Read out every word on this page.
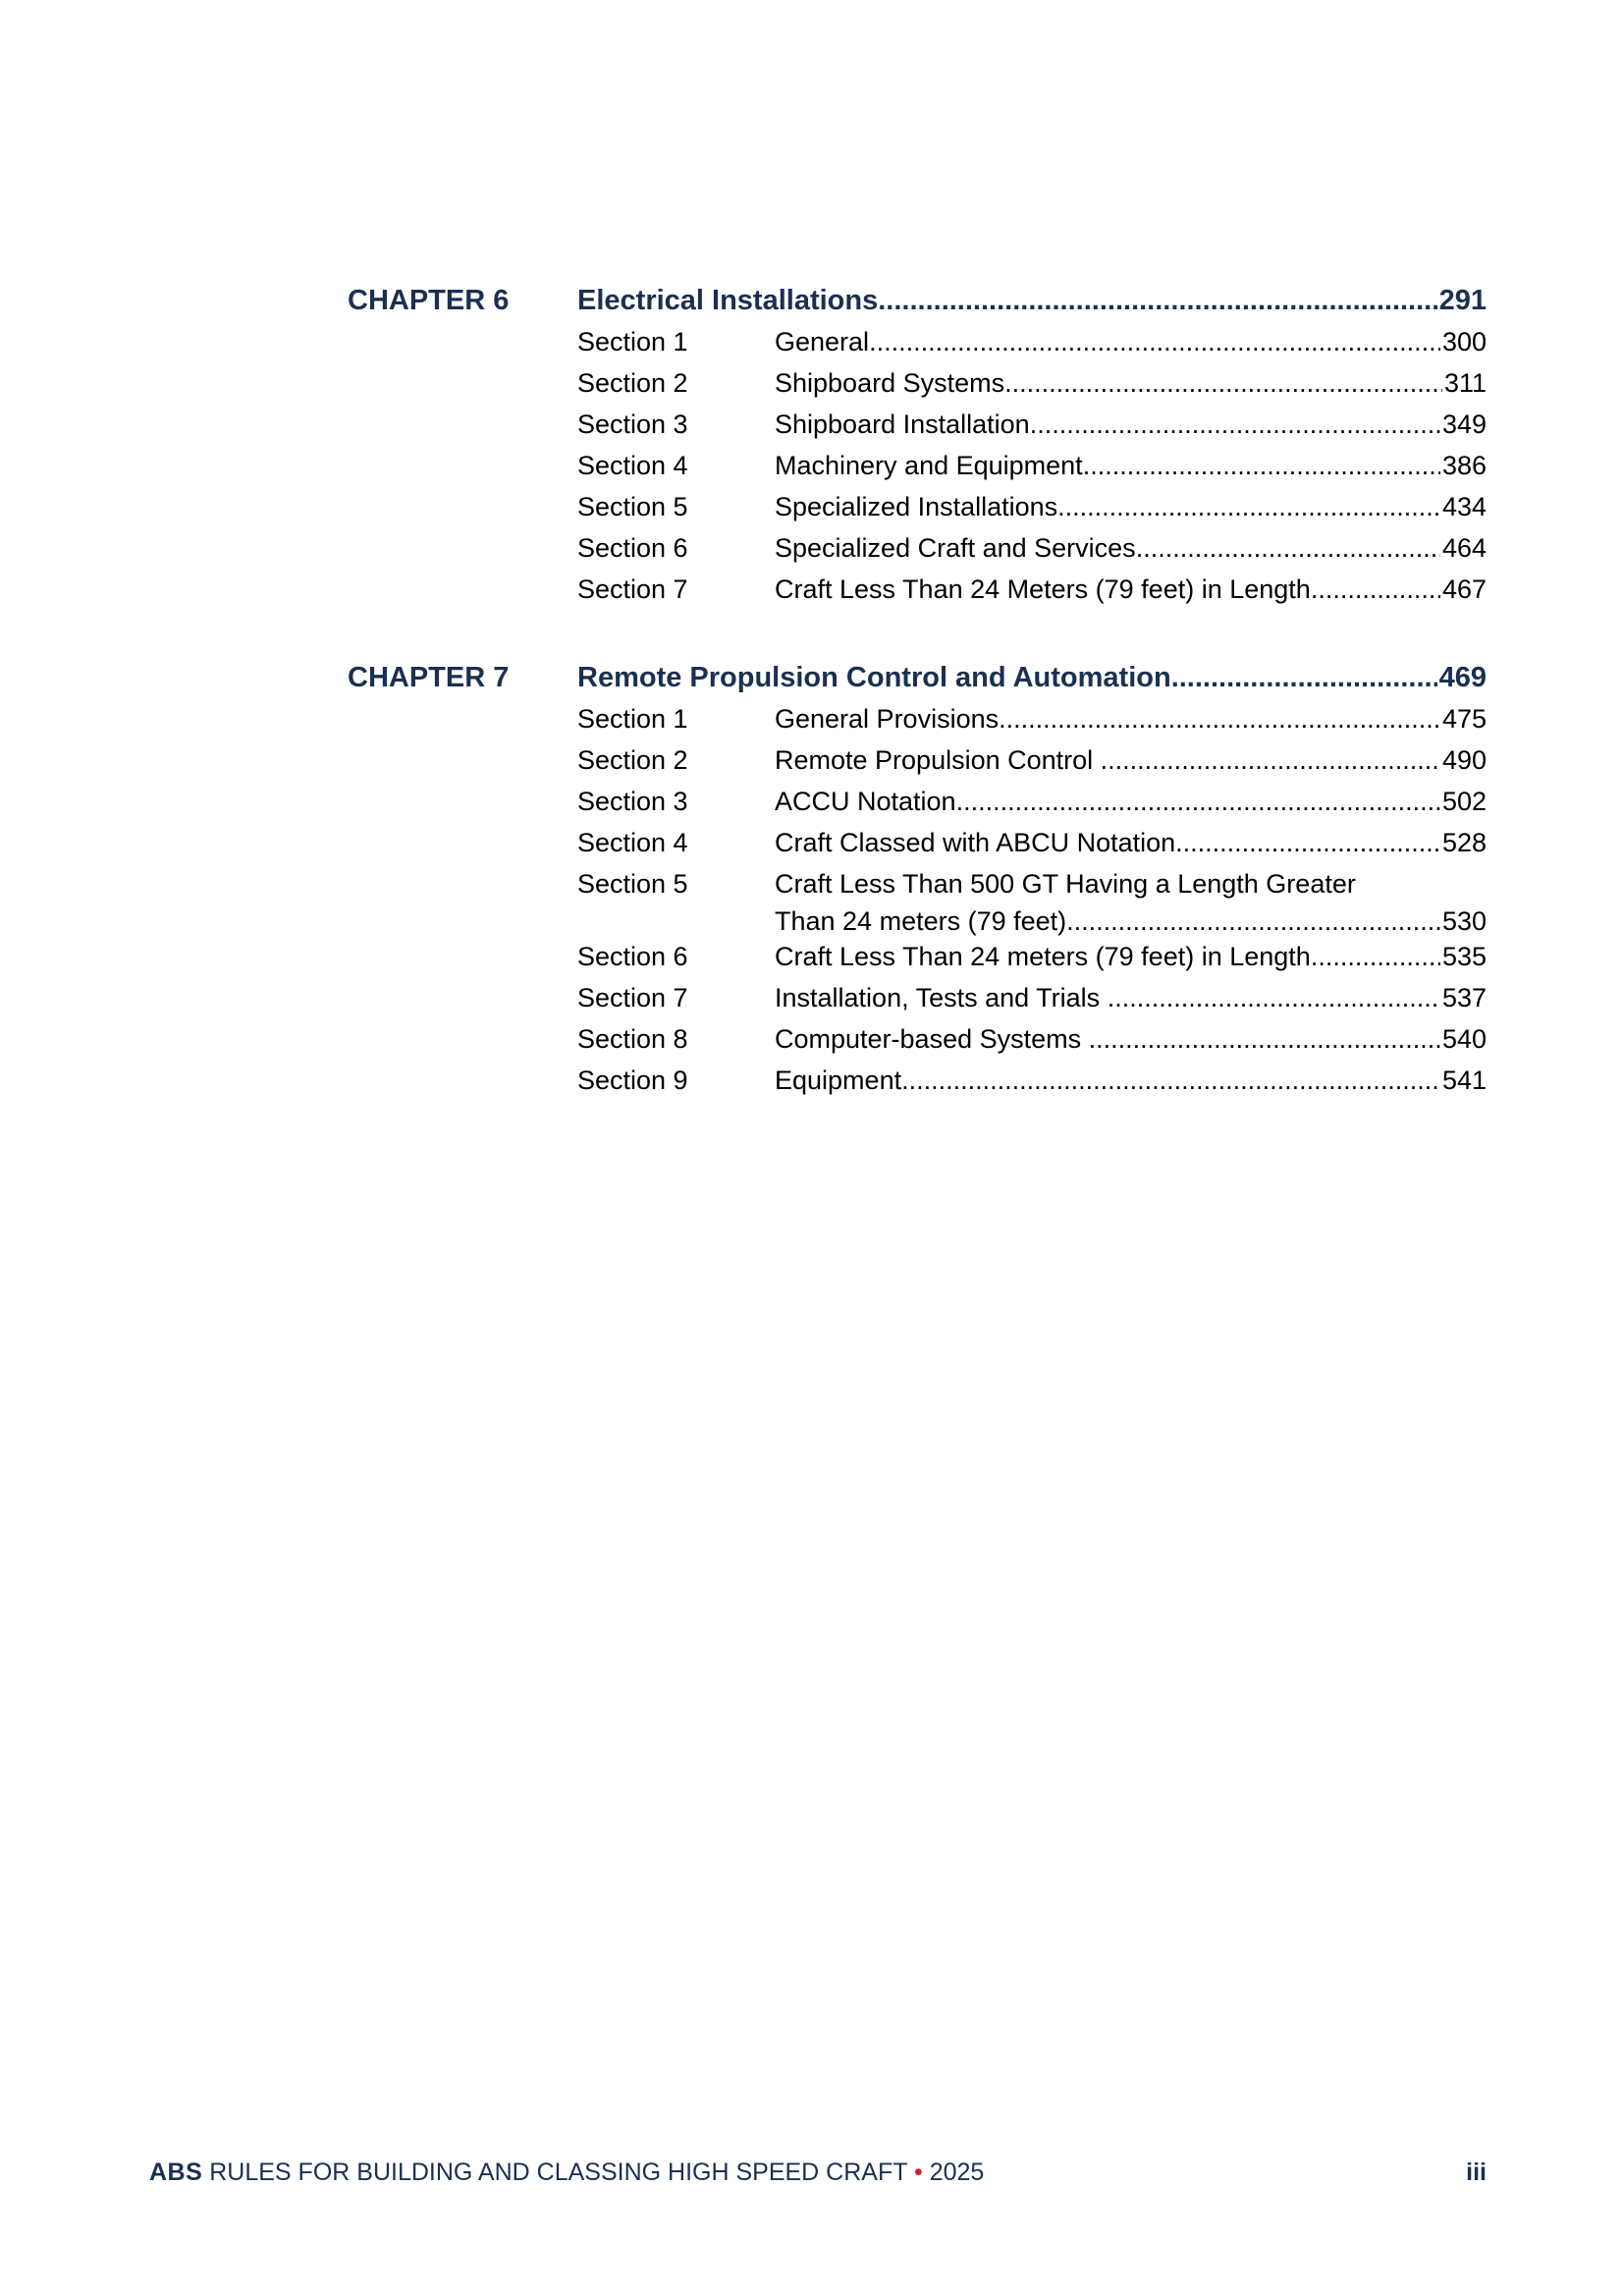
CHAPTER 6 Electrical Installations .....	291
Section 1	General .....	300
Section 2	Shipboard Systems .....	311
Section 3	Shipboard Installation .....	349
Section 4	Machinery and Equipment .....	386
Section 5	Specialized Installations .....	434
Section 6	Specialized Craft and Services .....	464
Section 7	Craft Less Than 24 Meters (79 feet) in Length .....	467
CHAPTER 7 Remote Propulsion Control and Automation .....	469
Section 1	General Provisions .....	475
Section 2	Remote Propulsion Control .....	490
Section 3	ACCU Notation .....	502
Section 4	Craft Classed with ABCU Notation .....	528
Section 5	Craft Less Than 500 GT Having a Length Greater
Than 24 meters (79 feet) .....	530
Section 6	Craft Less Than 24 meters (79 feet) in Length .....	535
Section 7	Installation, Tests and Trials .....	537
Section 8	Computer-based Systems .....	540
Section 9	Equipment .....	541
ABS RULES FOR BUILDING AND CLASSING HIGH SPEED CRAFT • 2025	iii
